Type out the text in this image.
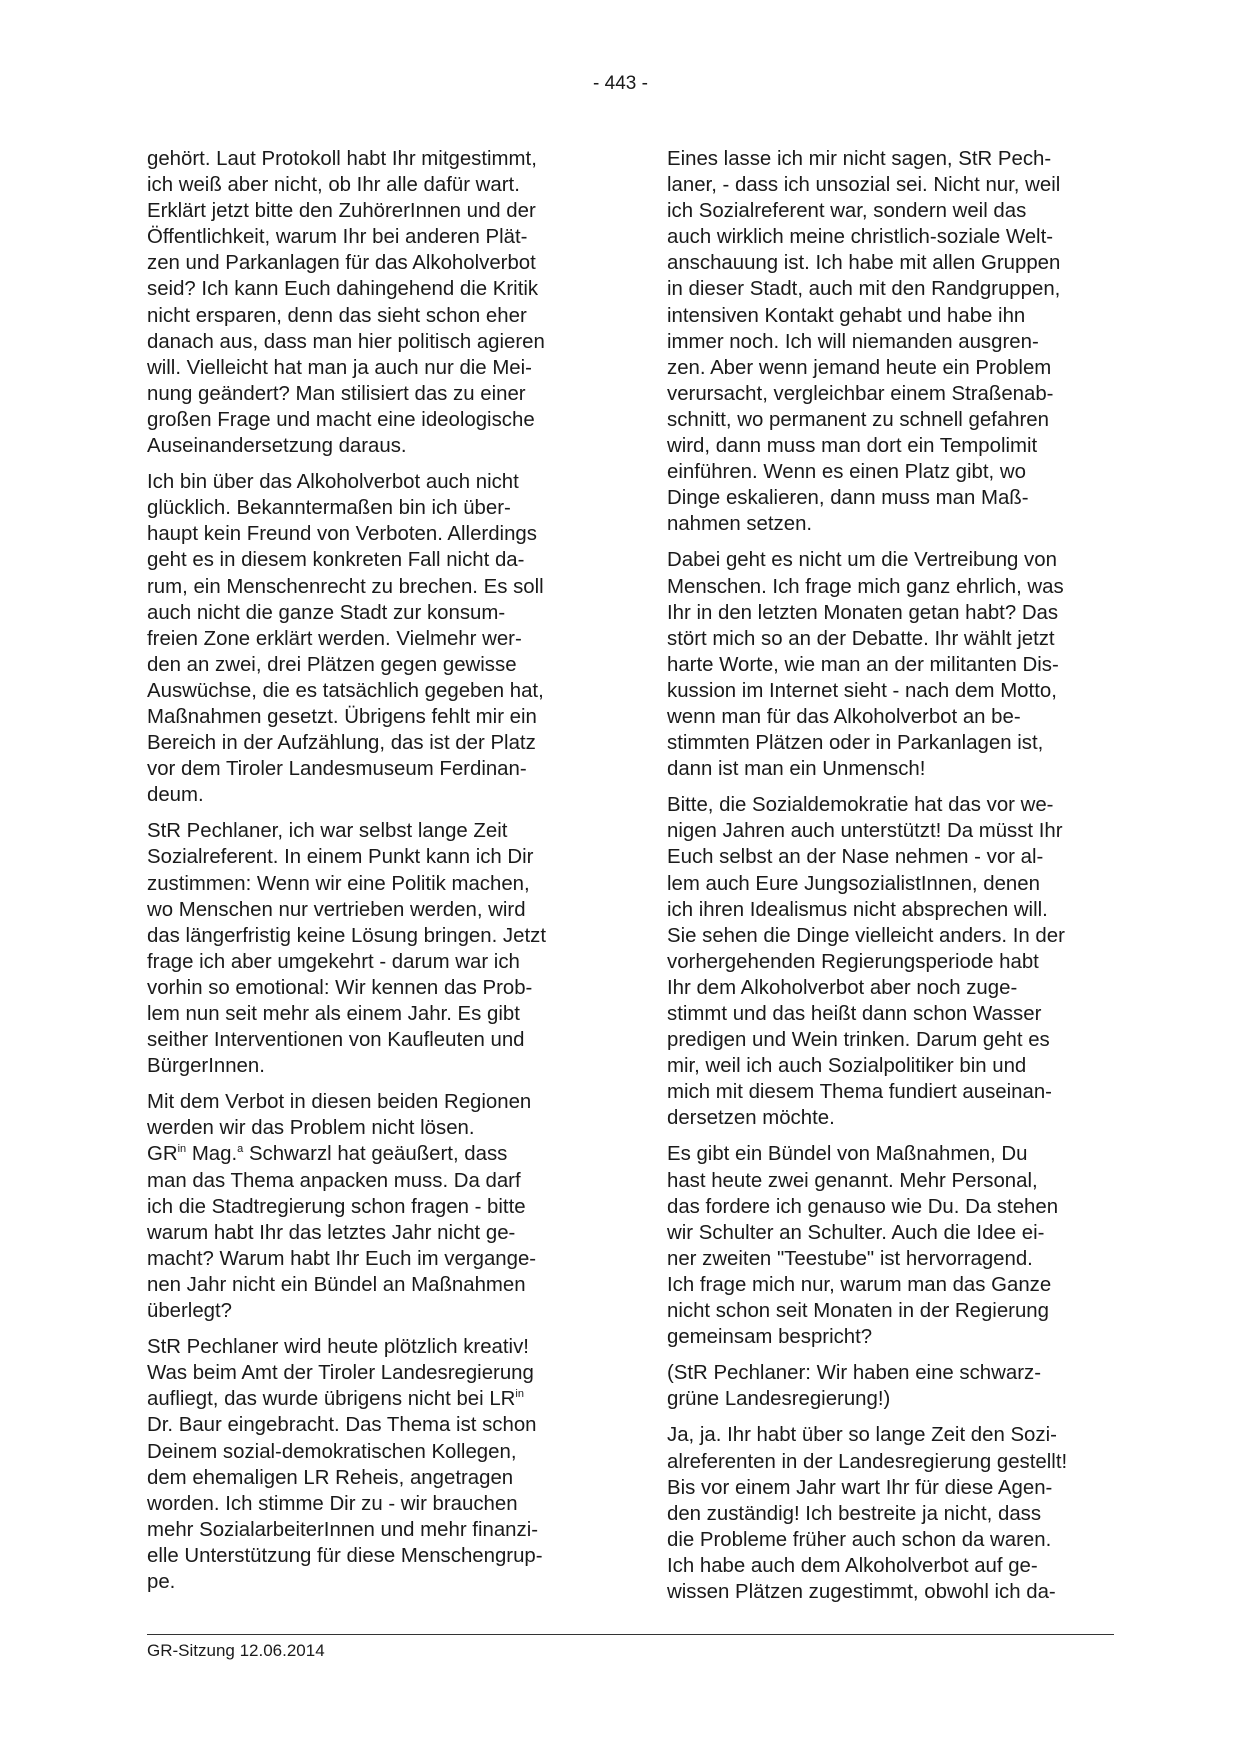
- 443 -

gehört. Laut Protokoll habt Ihr mitgestimmt,
ich weiß aber nicht, ob Ihr alle dafür wart.
Erklärt jetzt bitte den ZuhörerInnen und der
Öffentlichkeit, warum Ihr bei anderen Plät-
zen und Parkanlagen für das Alkoholverbot
seid? Ich kann Euch dahingehend die Kritik
nicht ersparen, denn das sieht schon eher
danach aus, dass man hier politisch agieren
will. Vielleicht hat man ja auch nur die Mei-
nung geändert? Man stilisiert das zu einer
großen Frage und macht eine ideologische
Auseinandersetzung daraus.

Ich bin über das Alkoholverbot auch nicht
glücklich. Bekanntermaßen bin ich über-
haupt kein Freund von Verboten. Allerdings
geht es in diesem konkreten Fall nicht da-
rum, ein Menschenrecht zu brechen. Es soll
auch nicht die ganze Stadt zur konsum-
freien Zone erklärt werden. Vielmehr wer-
den an zwei, drei Plätzen gegen gewisse
Auswüchse, die es tatsächlich gegeben hat,
Maßnahmen gesetzt. Übrigens fehlt mir ein
Bereich in der Aufzählung, das ist der Platz
vor dem Tiroler Landesmuseum Ferdinan-
deum.

StR Pechlaner, ich war selbst lange Zeit
Sozialreferent. In einem Punkt kann ich Dir
zustimmen: Wenn wir eine Politik machen,
wo Menschen nur vertrieben werden, wird
das längerfristig keine Lösung bringen. Jetzt
frage ich aber umgekehrt - darum war ich
vorhin so emotional: Wir kennen das Prob-
lem nun seit mehr als einem Jahr. Es gibt
seither Interventionen von Kaufleuten und
BürgerInnen.

Mit dem Verbot in diesen beiden Regionen
werden wir das Problem nicht lösen.
$GR^{in}$ Mag.$^a$ Schwarzl hat geäußert, dass
man das Thema anpacken muss. Da darf
ich die Stadtregierung schon fragen - bitte
warum habt Ihr das letztes Jahr nicht ge-
macht? Warum habt Ihr Euch im vergange-
nen Jahr nicht ein Bündel an Maßnahmen
überlegt?

StR Pechlaner wird heute plötzlich kreativ!
Was beim Amt der Tiroler Landesregierung
aufliegt, das wurde übrigens nicht bei $LR^{in}$
Dr. Baur eingebracht. Das Thema ist schon
Deinem sozial-demokratischen Kollegen,
dem ehemaligen LR Reheis, angetragen
worden. Ich stimme Dir zu - wir brauchen
mehr SozialarbeiterInnen und mehr finanzi-
elle Unterstützung für diese Menschengrup-
pe.

Eines lasse ich mir nicht sagen, StR Pech-
laner, - dass ich unsozial sei. Nicht nur, weil
ich Sozialreferent war, sondern weil das
auch wirklich meine christlich-soziale Welt-
anschauung ist. Ich habe mit allen Gruppen
in dieser Stadt, auch mit den Randgruppen,
intensiven Kontakt gehabt und habe ihn
immer noch. Ich will niemanden ausgren-
zen. Aber wenn jemand heute ein Problem
verursacht, vergleichbar einem Straßenab-
schnitt, wo permanent zu schnell gefahren
wird, dann muss man dort ein Tempolimit
einführen. Wenn es einen Platz gibt, wo
Dinge eskalieren, dann muss man Maß-
nahmen setzen.

Dabei geht es nicht um die Vertreibung von
Menschen. Ich frage mich ganz ehrlich, was
Ihr in den letzten Monaten getan habt? Das
stört mich so an der Debatte. Ihr wählt jetzt
harte Worte, wie man an der militanten Dis-
kussion im Internet sieht - nach dem Motto,
wenn man für das Alkoholverbot an be-
stimmten Plätzen oder in Parkanlagen ist,
dann ist man ein Unmensch!

Bitte, die Sozialdemokratie hat das vor we-
nigen Jahren auch unterstützt! Da müsst Ihr
Euch selbst an der Nase nehmen - vor al-
lem auch Eure JungsozialistInnen, denen
ich ihren Idealismus nicht absprechen will.
Sie sehen die Dinge vielleicht anders. In der
vorhergehenden Regierungsperiode habt
Ihr dem Alkoholverbot aber noch zuge-
stimmt und das heißt dann schon Wasser
predigen und Wein trinken. Darum geht es
mir, weil ich auch Sozialpolitiker bin und
mich mit diesem Thema fundiert auseinan-
dersetzen möchte.

Es gibt ein Bündel von Maßnahmen, Du
hast heute zwei genannt. Mehr Personal,
das fordere ich genauso wie Du. Da stehen
wir Schulter an Schulter. Auch die Idee ei-
ner zweiten "Teestube" ist hervorragend.
Ich frage mich nur, warum man das Ganze
nicht schon seit Monaten in der Regierung
gemeinsam bespricht?

(StR Pechlaner: Wir haben eine schwarz-
grüne Landesregierung!)

Ja, ja. Ihr habt über so lange Zeit den Sozi-
alreferenten in der Landesregierung gestellt!
Bis vor einem Jahr wart Ihr für diese Agen-
den zuständig! Ich bestreite ja nicht, dass
die Probleme früher auch schon da waren.
Ich habe auch dem Alkoholverbot auf ge-
wissen Plätzen zugestimmt, obwohl ich da-

GR-Sitzung 12.06.2014
